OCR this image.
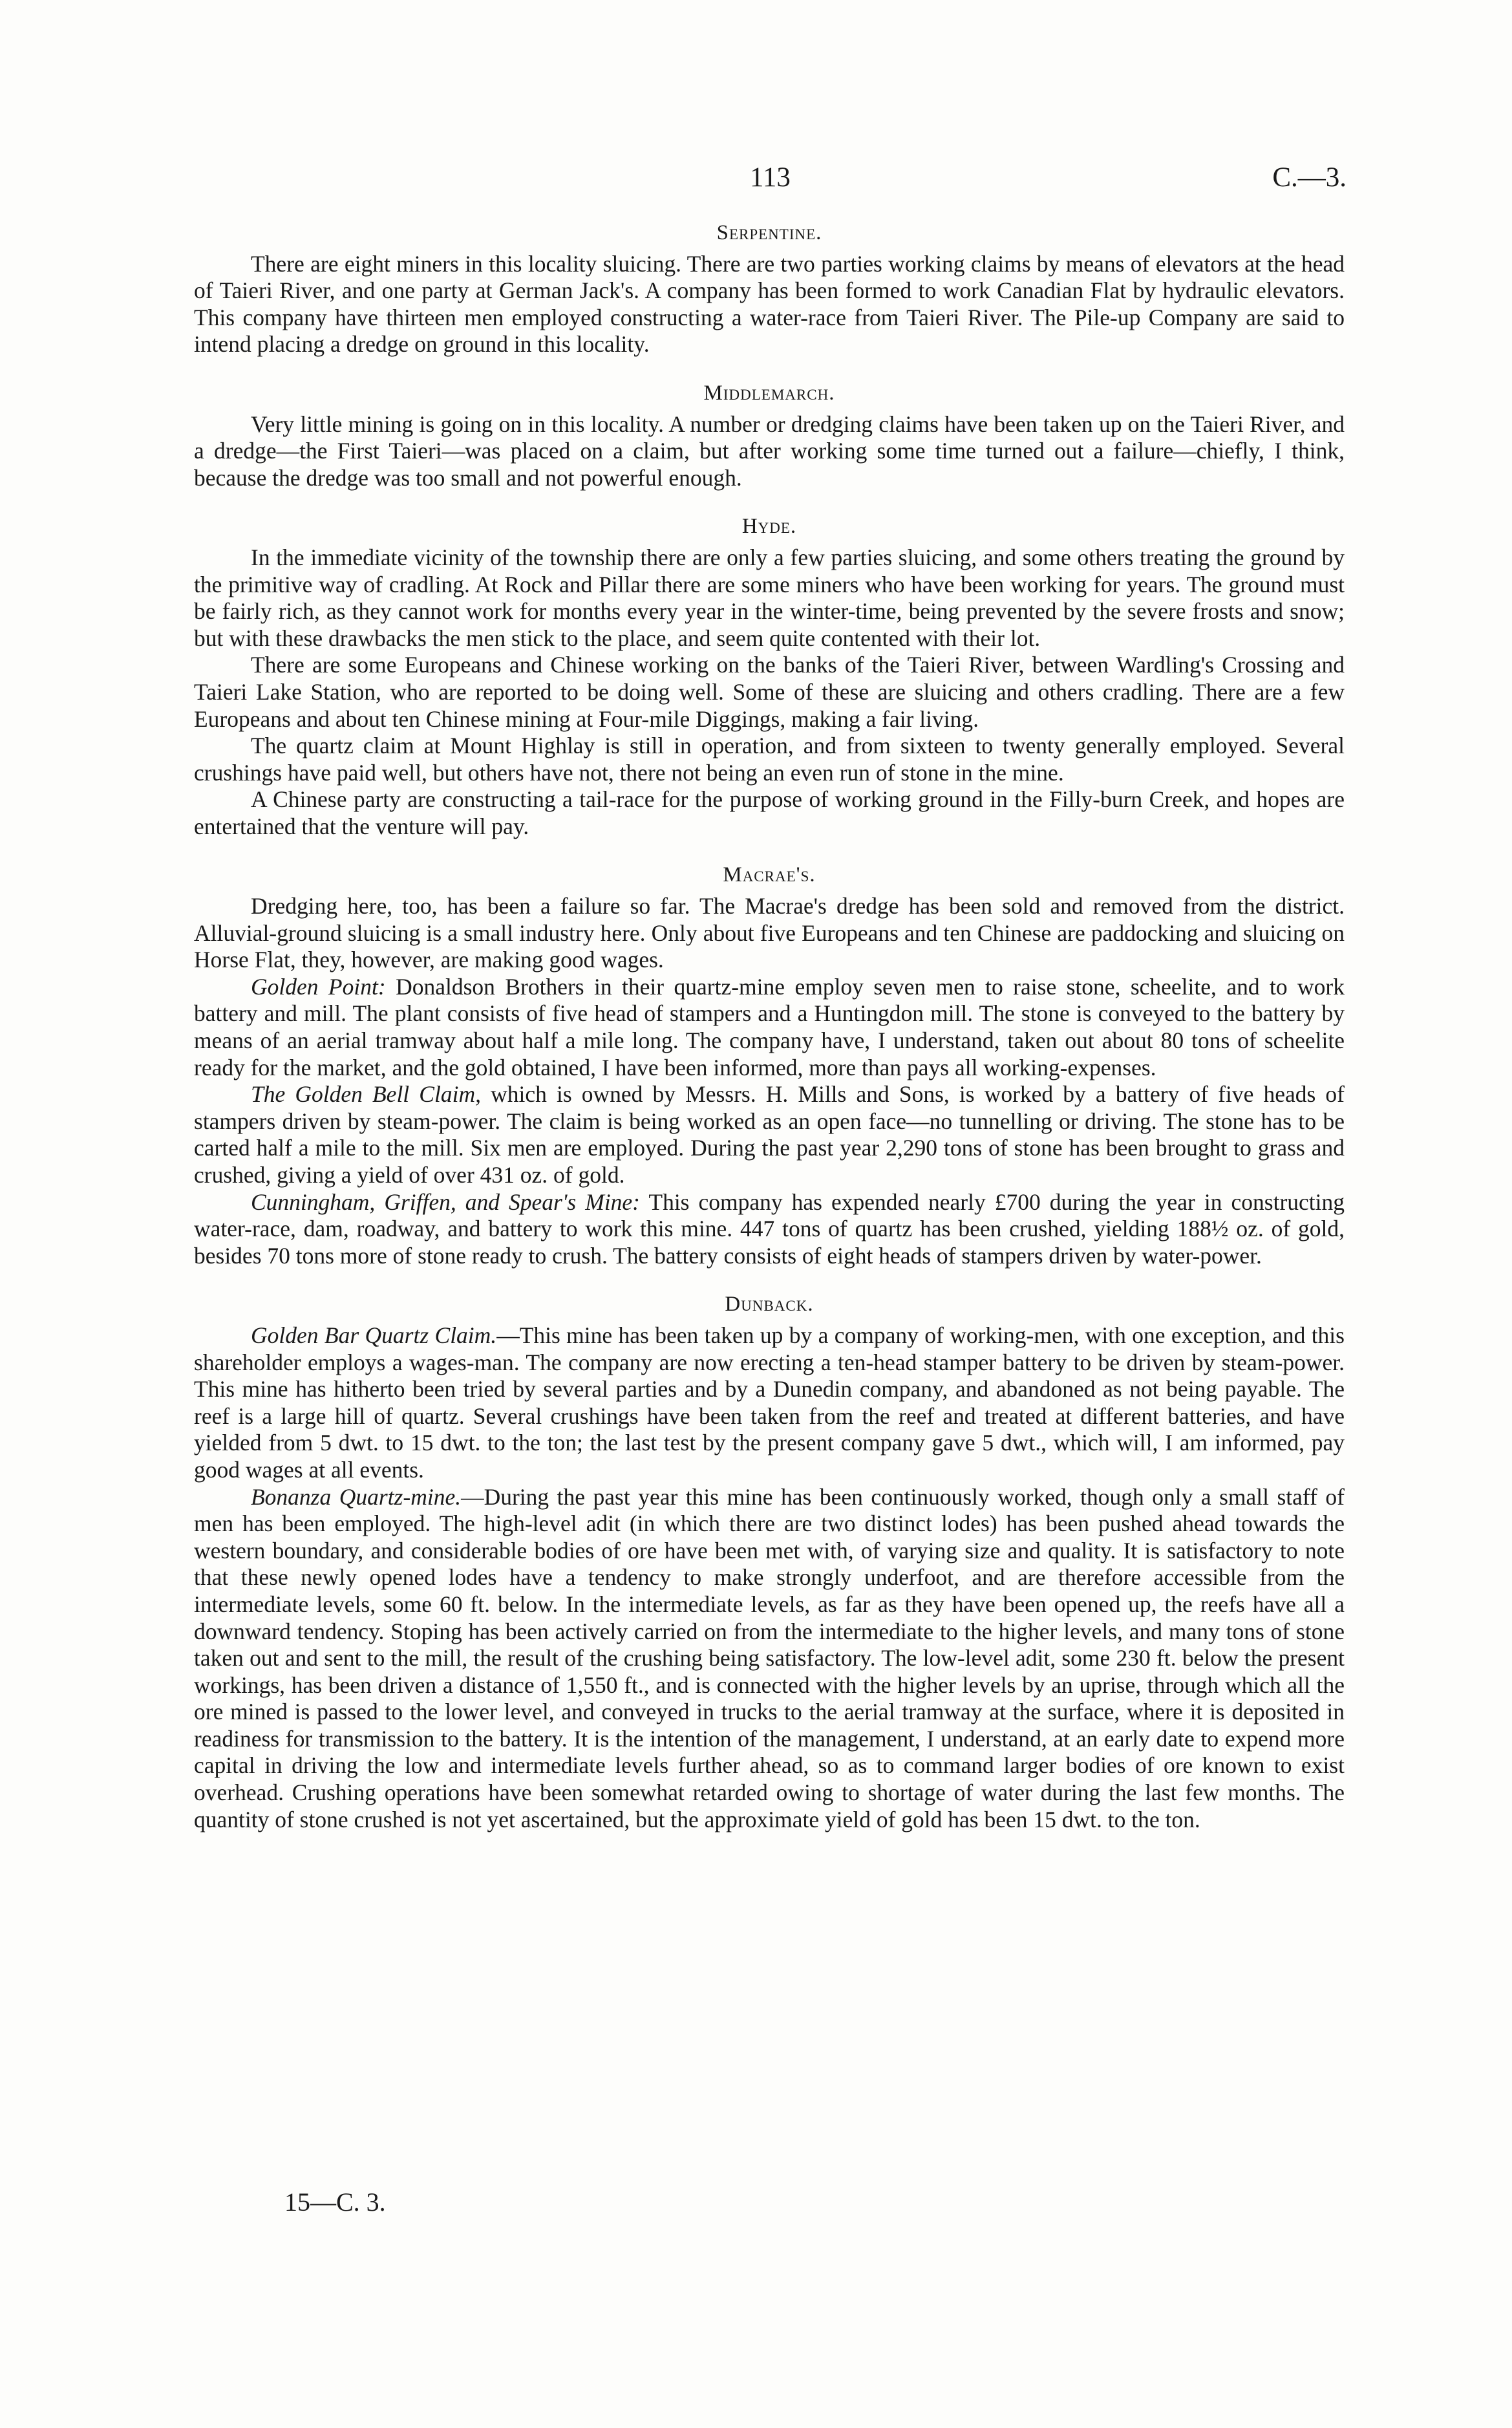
113	C.—3.
Serpentine.

There are eight miners in this locality sluicing. There are two parties working claims by means of elevators at the head of Taieri River, and one party at German Jack's. A company has been formed to work Canadian Flat by hydraulic elevators. This company have thirteen men employed constructing a water-race from Taieri River. The Pile-up Company are said to intend placing a dredge on ground in this locality.

Middlemarch.

Very little mining is going on in this locality. A number or dredging claims have been taken up on the Taieri River, and a dredge—the First Taieri—was placed on a claim, but after working some time turned out a failure—chiefly, I think, because the dredge was too small and not powerful enough.

Hyde.

In the immediate vicinity of the township there are only a few parties sluicing, and some others treating the ground by the primitive way of cradling. At Rock and Pillar there are some miners who have been working for years. The ground must be fairly rich, as they cannot work for months every year in the winter-time, being prevented by the severe frosts and snow; but with these drawbacks the men stick to the place, and seem quite contented with their lot.

There are some Europeans and Chinese working on the banks of the Taieri River, between Wardling's Crossing and Taieri Lake Station, who are reported to be doing well. Some of these are sluicing and others cradling. There are a few Europeans and about ten Chinese mining at Four-mile Diggings, making a fair living.

The quartz claim at Mount Highlay is still in operation, and from sixteen to twenty generally employed. Several crushings have paid well, but others have not, there not being an even run of stone in the mine.

A Chinese party are constructing a tail-race for the purpose of working ground in the Filly-burn Creek, and hopes are entertained that the venture will pay.

Macrae's.

Dredging here, too, has been a failure so far. The Macrae's dredge has been sold and removed from the district. Alluvial-ground sluicing is a small industry here. Only about five Europeans and ten Chinese are paddocking and sluicing on Horse Flat, they, however, are making good wages.

Golden Point: Donaldson Brothers in their quartz-mine employ seven men to raise stone, scheelite, and to work battery and mill. The plant consists of five head of stampers and a Huntingdon mill. The stone is conveyed to the battery by means of an aerial tramway about half a mile long. The company have, I understand, taken out about 80 tons of scheelite ready for the market, and the gold obtained, I have been informed, more than pays all working-expenses.

The Golden Bell Claim, which is owned by Messrs. H. Mills and Sons, is worked by a battery of five heads of stampers driven by steam-power. The claim is being worked as an open face—no tunnelling or driving. The stone has to be carted half a mile to the mill. Six men are employed. During the past year 2,290 tons of stone has been brought to grass and crushed, giving a yield of over 431 oz. of gold.

Cunningham, Griffen, and Spear's Mine: This company has expended nearly £700 during the year in constructing water-race, dam, roadway, and battery to work this mine. 447 tons of quartz has been crushed, yielding 188½ oz. of gold, besides 70 tons more of stone ready to crush. The battery consists of eight heads of stampers driven by water-power.

Dunback.

Golden Bar Quartz Claim.—This mine has been taken up by a company of working-men, with one exception, and this shareholder employs a wages-man. The company are now erecting a ten-head stamper battery to be driven by steam-power. This mine has hitherto been tried by several parties and by a Dunedin company, and abandoned as not being payable. The reef is a large hill of quartz. Several crushings have been taken from the reef and treated at different batteries, and have yielded from 5 dwt. to 15 dwt. to the ton; the last test by the present company gave 5 dwt., which will, I am informed, pay good wages at all events.

Bonanza Quartz-mine.—During the past year this mine has been continuously worked, though only a small staff of men has been employed. The high-level adit (in which there are two distinct lodes) has been pushed ahead towards the western boundary, and considerable bodies of ore have been met with, of varying size and quality. It is satisfactory to note that these newly opened lodes have a tendency to make strongly underfoot, and are therefore accessible from the intermediate levels, some 60 ft. below. In the intermediate levels, as far as they have been opened up, the reefs have all a downward tendency. Stoping has been actively carried on from the intermediate to the higher levels, and many tons of stone taken out and sent to the mill, the result of the crushing being satisfactory. The low-level adit, some 230 ft. below the present workings, has been driven a distance of 1,550 ft., and is connected with the higher levels by an uprise, through which all the ore mined is passed to the lower level, and conveyed in trucks to the aerial tramway at the surface, where it is deposited in readiness for transmission to the battery. It is the intention of the management, I understand, at an early date to expend more capital in driving the low and intermediate levels further ahead, so as to command larger bodies of ore known to exist overhead. Crushing operations have been somewhat retarded owing to shortage of water during the last few months. The quantity of stone crushed is not yet ascertained, but the approximate yield of gold has been 15 dwt. to the ton.

15—C. 3.
